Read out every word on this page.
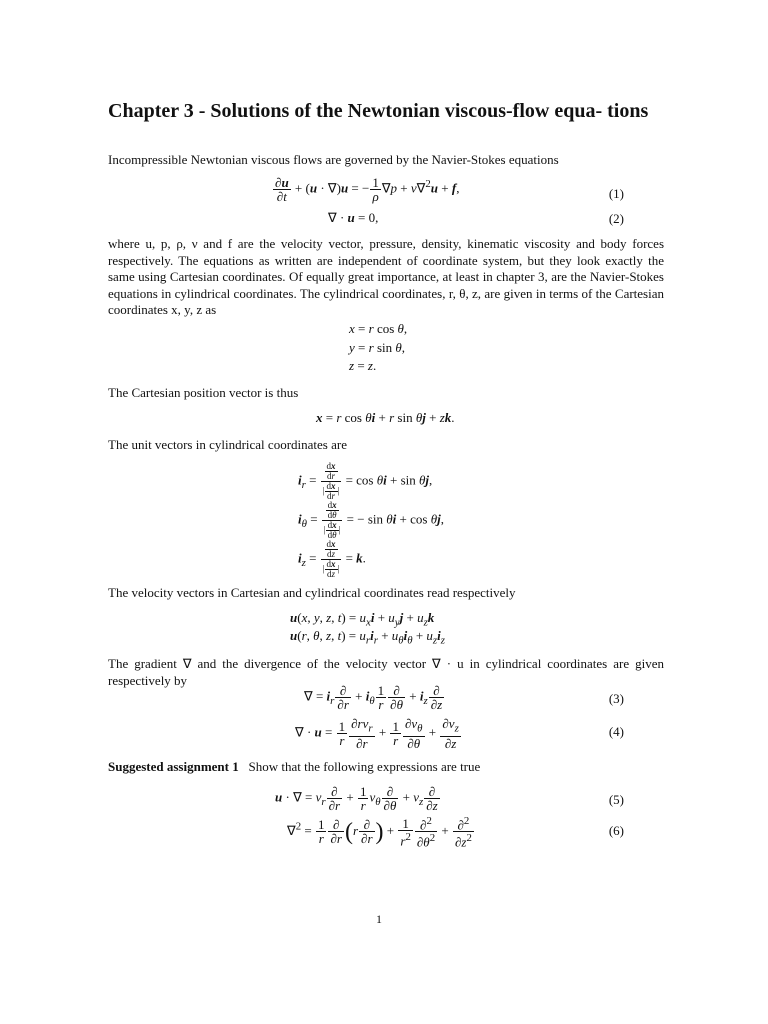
Chapter 3 - Solutions of the Newtonian viscous-flow equa- tions
Incompressible Newtonian viscous flows are governed by the Navier-Stokes equations
$\frac{\partial u}{\partial t} + (u \cdot \nabla)u$ = − $\frac{1}{\rho} \nabla p + \nu\nabla^2u + f$,	(1)
∇ · u = 0,	(2)
where u, p, ρ, ν and f are the velocity vector, pressure, density, kinematic viscosity and body forces respectively. The equations as written are independent of coordinate system, but they look exactly the same using Cartesian coordinates. Of equally great importance, at least in chapter 3, are the Navier-Stokes equations in cylindrical coordinates. The cylindrical coordinates, r, θ, z, are given in terms of the Cartesian coordinates x, y, z as
x = r cos θ,
y = r sin θ,
z = z.
The Cartesian position vector is thus
x = r cos θi + r sin θj + zk.
The unit vectors in cylindrical coordinates are
$i_r = \frac{\frac{dx}{dr}}{| \frac{dx}{dr} |} = \cos \theta i + \sin \theta j$,
$i_\theta = \frac{\frac{dx}{d\theta}}{| \frac{dx}{d\theta} |}$ = − sin θi + cos θj,
$i_z = \frac{\frac{dx}{dz}}{| \frac{dx}{dz} |} = k$.
The velocity vectors in Cartesian and cylindrical coordinates read respectively
u(x, y, z, $t) = u_xi + u_yj + u_zk$
u(r, θ, z, $t) = u_ri_r + u_\theta i_\theta + u_zi_z$
The gradient ∇ and the divergence of the velocity vector ∇ · u in cylindrical coordinates are given respectively by
∇ = $i_r \frac{\partial}{\partial r} + i_\theta \frac{1}{r} \frac{\partial}{\partial\theta} + i_z \frac{\partial}{\partial z}$	(3)
∇ · $u = \frac{1}{r} \frac{\partial rv_r}{\partial r} + \frac{1}{r} \frac{\partial v_\theta}{\partial\theta} + \frac{\partial v_z}{\partial z}$	(4)
Suggested assignment 1 Show that the following expressions are true
u · ∇ = $v_r \frac{\partial}{\partial r} + \frac{1}{r} v_\theta \frac{\partial}{\partial\theta} + v_z \frac{\partial}{\partial z}$	(5)
$\nabla^2 = \frac{1}{r} \frac{\partial}{\partial r} (r \frac{\partial}{\partial r}$ ) + $\frac{1}{r^2} \frac{\partial^2}{\partial\theta^2} + \frac{\partial^2}{\partial z^2}$	(6)
1
